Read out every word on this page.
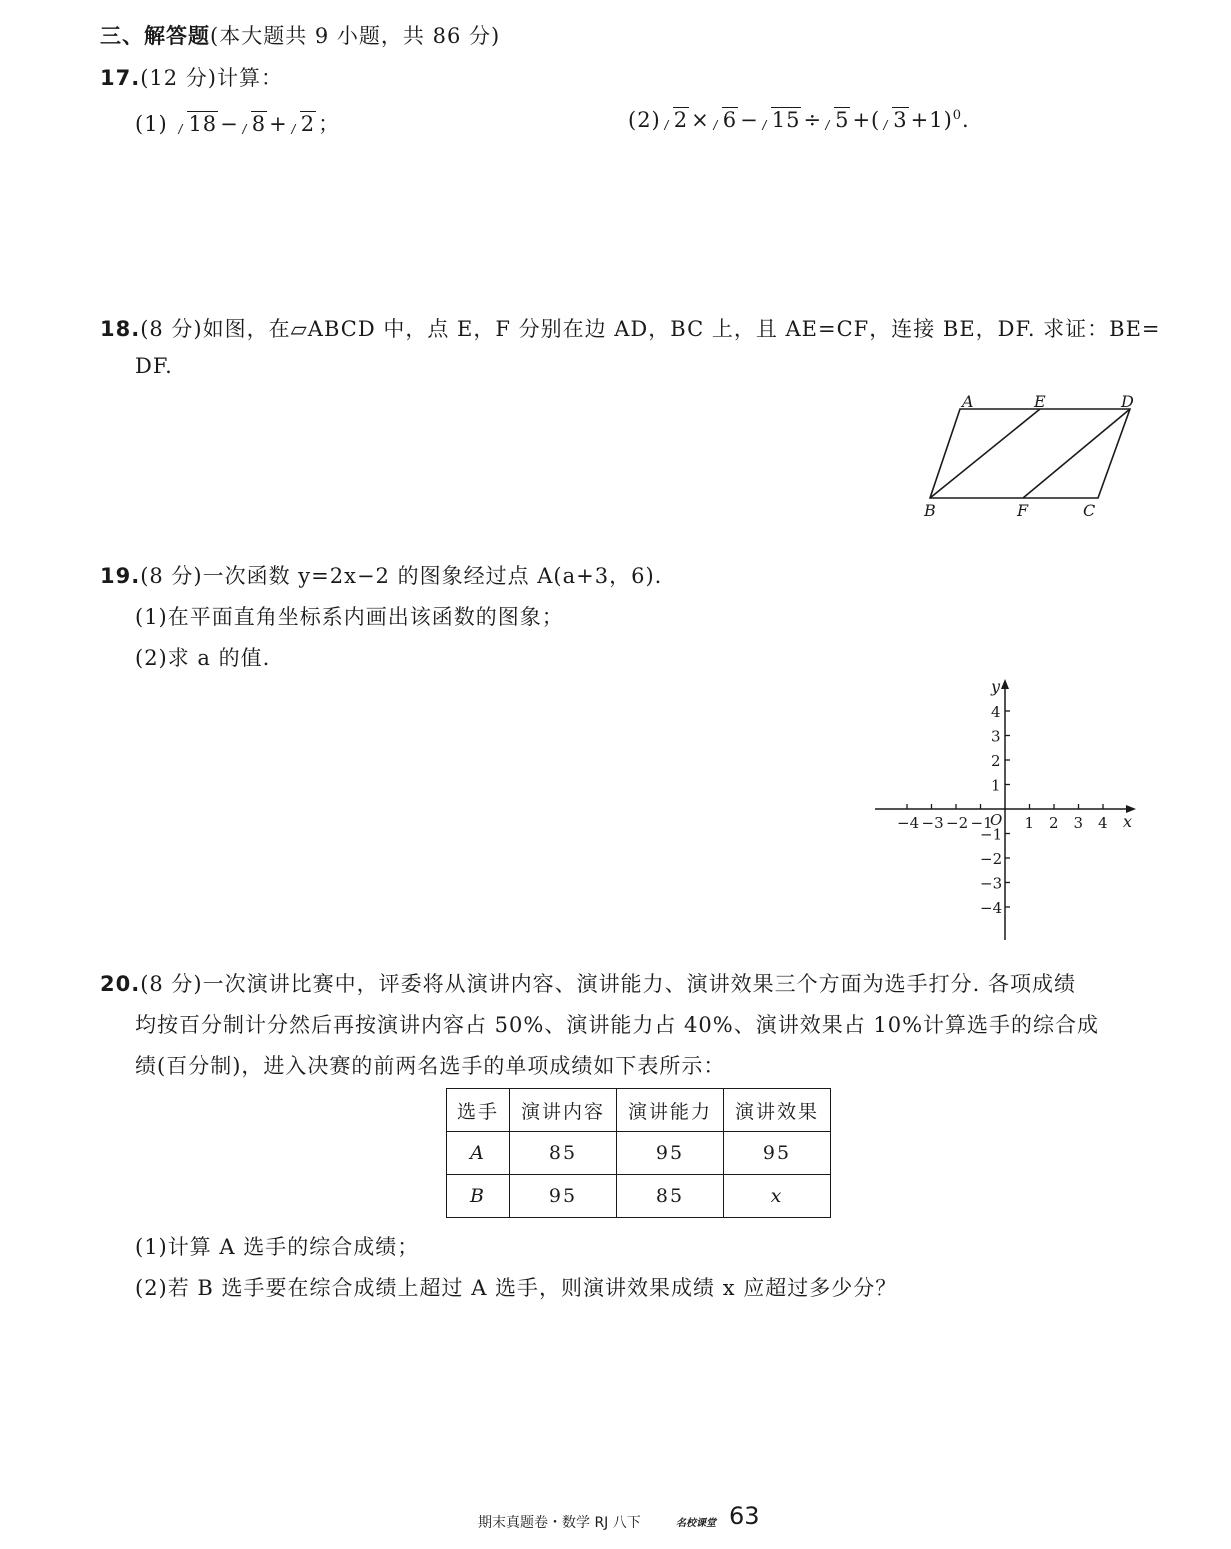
三、解答题(本大题共 9 小题，共 86 分)
17.(12 分)计算：
(1) 18 − 8 + 2 ；	(2) 2 × 6 − 15 ÷ 5 +( 3 +1)$^0$.
18.(8 分)如图，在▱ABCD 中，点 E，F 分别在边 AD，BC 上，且 AE=CF，连接 BE，DF. 求证：BE=
DF.
A	E	D
B	F	C
19.(8 分)一次函数 y=2x−2 的图象经过点 A(a+3，6).
(1)在平面直角坐标系内画出该函数的图象；
(2)求 a 的值.
−4 −3 −2 −1 1 2 3 4
4
3
2
1
−1
−2
−3
−4
x
y
O
20.(8 分)一次演讲比赛中，评委将从演讲内容、演讲能力、演讲效果三个方面为选手打分. 各项成绩
均按百分制计分然后再按演讲内容占 50%、演讲能力占 40%、演讲效果占 10%计算选手的综合成
绩(百分制)，进入决赛的前两名选手的单项成绩如下表所示：
选手	演讲内容	演讲能力	演讲效果
A	85	95	95
B	95	85	x
(1)计算 A 选手的综合成绩；
(2)若 B 选手要在综合成绩上超过 A 选手，则演讲效果成绩 x 应超过多少分？
期末真题卷・数学 RJ 八下	名校课堂 63
